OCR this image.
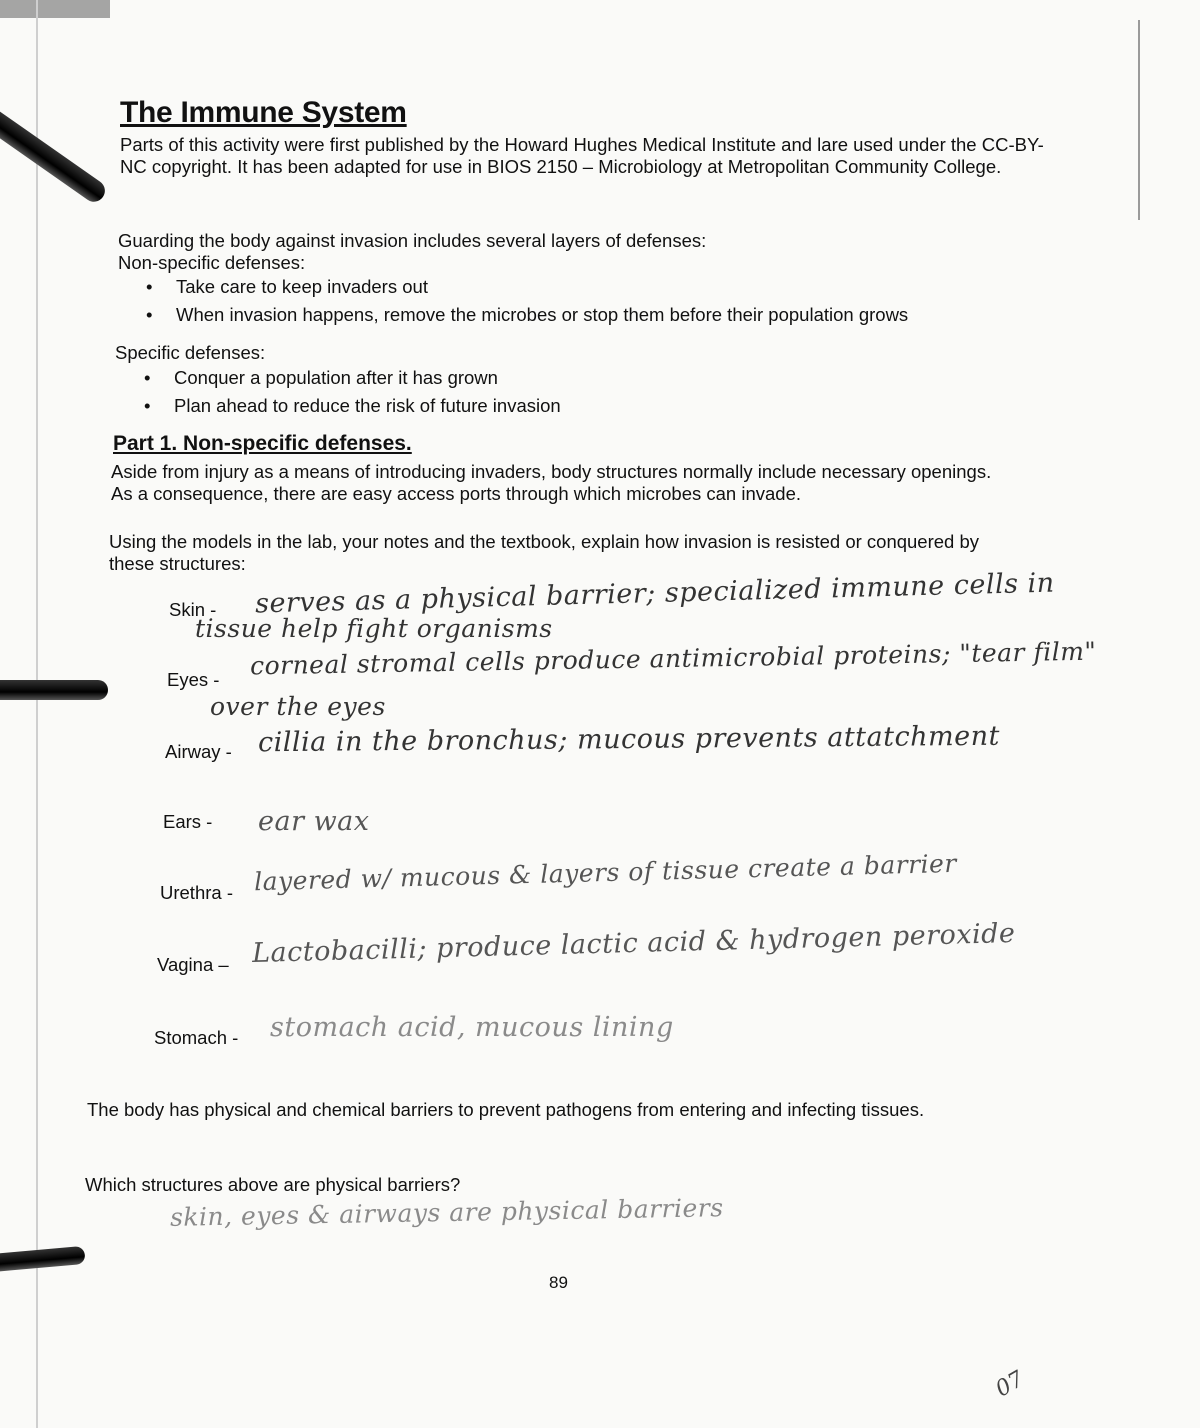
The Immune System

Parts of this activity were first published by the Howard Hughes Medical Institute and lare used under the CC-BY-NC copyright. It has been adapted for use in BIOS 2150 – Microbiology at Metropolitan Community College.

Guarding the body against invasion includes several layers of defenses:

Non-specific defenses:

• Take care to keep invaders out
• When invasion happens, remove the microbes or stop them before their population grows

Specific defenses:

• Conquer a population after it has grown
• Plan ahead to reduce the risk of future invasion
Part 1. Non-specific defenses.

Aside from injury as a means of introducing invaders, body structures normally include necessary openings. As a consequence, there are easy access ports through which microbes can invade.

Using the models in the lab, your notes and the textbook, explain how invasion is resisted or conquered by these structures:

Skin - serves as a physical barrier; specialized immune cells in
tissue help fight organisms
Eyes - corneal stromal cells produce antimicrobial proteins; "tear film"
over the eyes
Airway - cillia in the bronchus; mucous prevents attatchment
Ears - ear wax
Urethra - layered w/ mucous & layers of tissue create a barrier
Vagina – Lactobacilli; produce lactic acid & hydrogen peroxide
Stomach - stomach acid, mucous lining

The body has physical and chemical barriers to prevent pathogens from entering and infecting tissues.

Which structures above are physical barriers?

skin, eyes & airways are physical barriers
89
07
